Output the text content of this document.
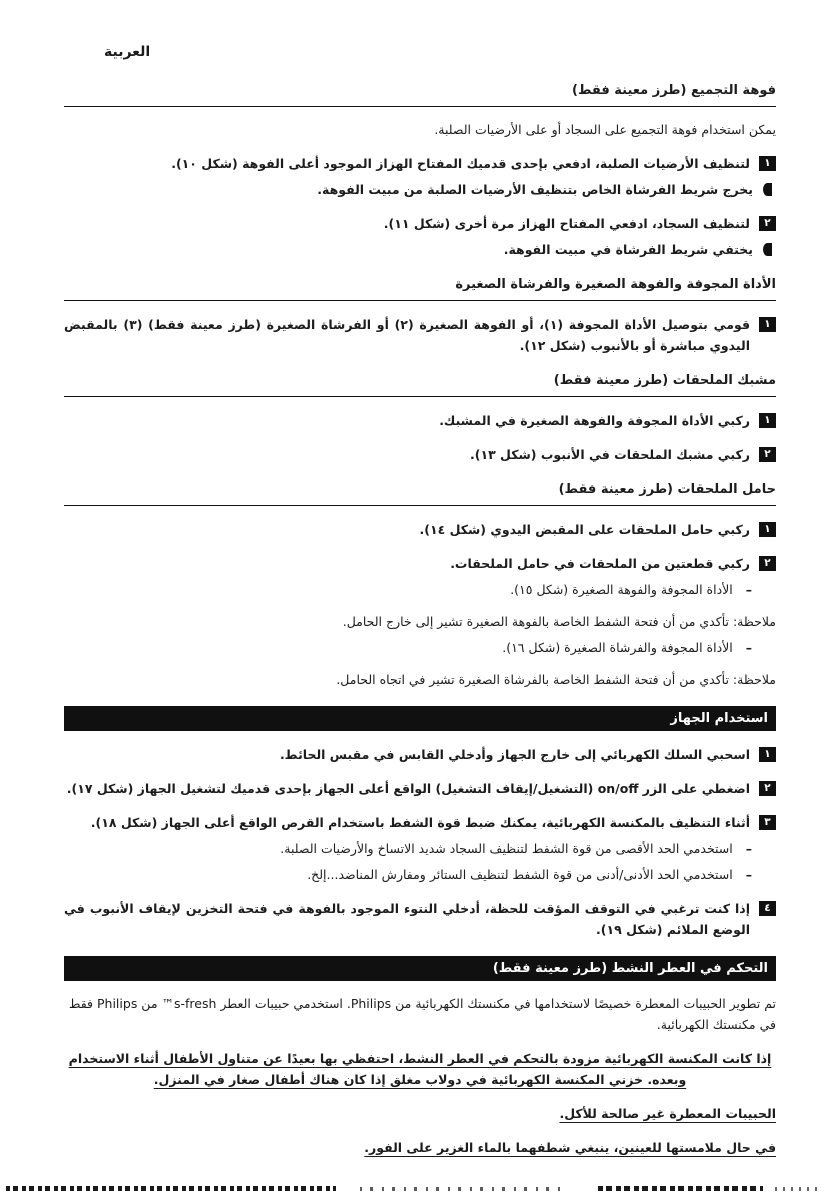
العربية
فوهة التجميع (طرز معينة فقط)

يمكن استخدام فوهة التجميع على السجاد أو على الأرضيات الصلبة.

١
لتنظيف الأرضيات الصلبة، ادفعي بإحدى قدميك المفتاح الهزاز الموجود أعلى الفوهة (شكل ١٠).
يخرج شريط الفرشاة الخاص بتنظيف الأرضيات الصلبة من مبيت الفوهة.
٢
لتنظيف السجاد، ادفعي المفتاح الهزاز مرة أخرى (شكل ١١).
يختفي شريط الفرشاة في مبيت الفوهة.
الأداة المجوفة والفوهة الصغيرة والفرشاة الصغيرة
١
قومي بتوصيل الأداة المجوفة (١)، أو الفوهة الصغيرة (٢) أو الفرشاة الصغيرة (طرز معينة فقط) (٣) بالمقبض اليدوي مباشرة أو بالأنبوب (شكل ١٢).
مشبك الملحقات (طرز معينة فقط)
١
ركبي الأداة المجوفة والفوهة الصغيرة في المشبك.
٢
ركبي مشبك الملحقات في الأنبوب (شكل ١٣).
حامل الملحقات (طرز معينة فقط)
١
ركبي حامل الملحقات على المقبض اليدوي (شكل ١٤).
٢
ركبي قطعتين من الملحقات في حامل الملحقات.
–
الأداة المجوفة والفوهة الصغيرة (شكل ١٥).

ملاحظة: تأكدي من أن فتحة الشفط الخاصة بالفوهة الصغيرة تشير إلى خارج الحامل.

–
الأداة المجوفة والفرشاة الصغيرة (شكل ١٦).

ملاحظة: تأكدي من أن فتحة الشفط الخاصة بالفرشاة الصغيرة تشير في اتجاه الحامل.

استخدام الجهاز
١
اسحبي السلك الكهربائي إلى خارج الجهاز وأدخلي القابس في مقبس الحائط.
٢
اضغطي على الزر on/off (التشغيل/إيقاف التشغيل) الواقع أعلى الجهاز بإحدى قدميك لتشغيل الجهاز (شكل ١٧).
٣
أثناء التنظيف بالمكنسة الكهربائية، يمكنك ضبط قوة الشفط باستخدام القرص الواقع أعلى الجهاز (شكل ١٨).
–
استخدمي الحد الأقصى من قوة الشفط لتنظيف السجاد شديد الاتساخ والأرضيات الصلبة.
–
استخدمي الحد الأدنى/أدنى من قوة الشفط لتنظيف الستائر ومفارش المناضد...إلخ.
٤
إذا كنت ترغبي في التوقف المؤقت للحظة، أدخلي النتوء الموجود بالفوهة في فتحة التخزين لإيقاف الأنبوب في الوضع الملائم (شكل ١٩).
التحكم في العطر النشط (طرز معينة فقط)

تم تطوير الحبيبات المعطرة خصيصًا لاستخدامها في مكنستك الكهربائية من Philips. استخدمي حبيبات العطر s-fresh™ من Philips فقط في مكنستك الكهربائية.

إذا كانت المكنسة الكهربائية مزودة بالتحكم في العطر النشط، احتفظي بها بعيدًا عن متناول الأطفال أثناء الاستخدام وبعده. خزني المكنسة الكهربائية في دولاب مغلق إذا كان هناك أطفال صغار في المنزل.

الحبيبات المعطرة غير صالحة للأكل.

في حال ملامستها للعينين، ينبغي شطفهما بالماء الغزير على الفور.
